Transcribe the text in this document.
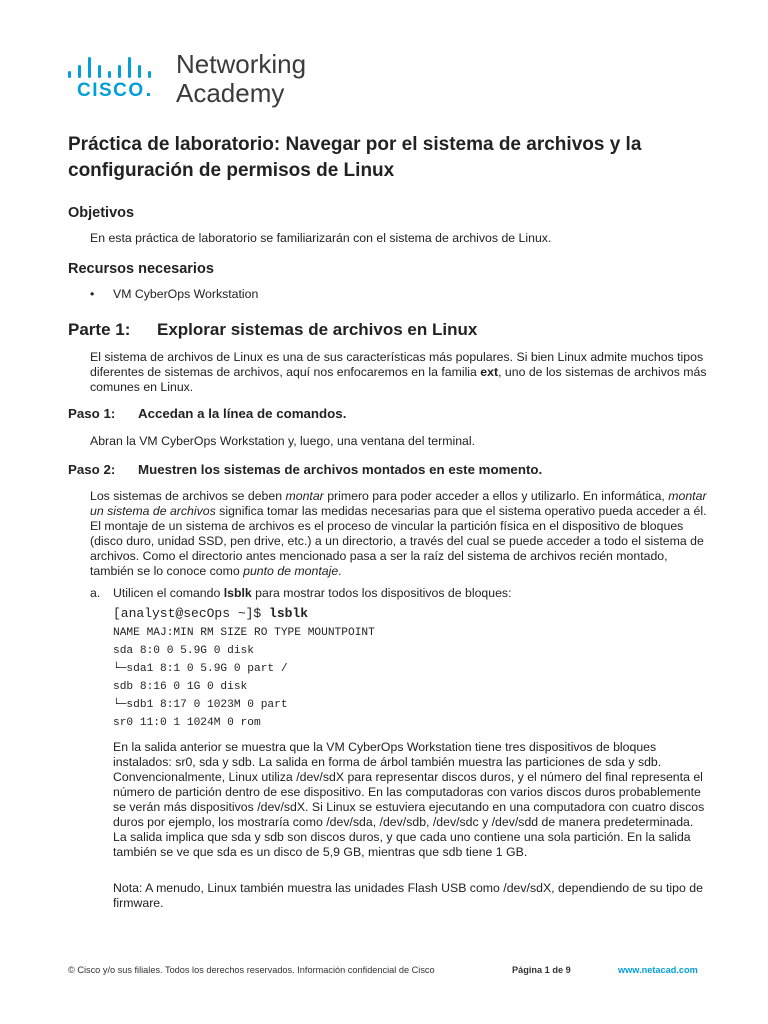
CISCO
Networking
Academy
Práctica de laboratorio: Navegar por el sistema de archivos y la configuración de permisos de Linux
Objetivos
En esta práctica de laboratorio se familiarizarán con el sistema de archivos de Linux.
Recursos necesarios
• VM CyberOps Workstation
Parte 1: Explorar sistemas de archivos en Linux
El sistema de archivos de Linux es una de sus características más populares. Si bien Linux admite muchos tipos diferentes de sistemas de archivos, aquí nos enfocaremos en la familia ext, uno de los sistemas de archivos más comunes en Linux.
Paso 1: Accedan a la línea de comandos.
Abran la VM CyberOps Workstation y, luego, una ventana del terminal.
Paso 2: Muestren los sistemas de archivos montados en este momento.
Los sistemas de archivos se deben montar primero para poder acceder a ellos y utilizarlo. En informática, montar un sistema de archivos significa tomar las medidas necesarias para que el sistema operativo pueda acceder a él. El montaje de un sistema de archivos es el proceso de vincular la partición física en el dispositivo de bloques (disco duro, unidad SSD, pen drive, etc.) a un directorio, a través del cual se puede acceder a todo el sistema de archivos. Como el directorio antes mencionado pasa a ser la raíz del sistema de archivos recién montado, también se lo conoce como punto de montaje.
a. Utilicen el comando lsblk para mostrar todos los dispositivos de bloques:
[analyst@secOps ~]$ lsblk
NAME MAJ:MIN RM SIZE RO TYPE MOUNTPOINT
sda 8:0 0 5.9G 0 disk
└─sda1 8:1 0 5.9G 0 part /
sdb 8:16 0 1G 0 disk
└─sdb1 8:17 0 1023M 0 part
sr0 11:0 1 1024M 0 rom
En la salida anterior se muestra que la VM CyberOps Workstation tiene tres dispositivos de bloques instalados: sr0, sda y sdb. La salida en forma de árbol también muestra las particiones de sda y sdb. Convencionalmente, Linux utiliza /dev/sdX para representar discos duros, y el número del final representa el número de partición dentro de ese dispositivo. En las computadoras con varios discos duros probablemente se verán más dispositivos /dev/sdX. Si Linux se estuviera ejecutando en una computadora con cuatro discos duros por ejemplo, los mostraría como /dev/sda, /dev/sdb, /dev/sdc y /dev/sdd de manera predeterminada. La salida implica que sda y sdb son discos duros, y que cada uno contiene una sola partición. En la salida también se ve que sda es un disco de 5,9 GB, mientras que sdb tiene 1 GB.
Nota: A menudo, Linux también muestra las unidades Flash USB como /dev/sdX, dependiendo de su tipo de firmware.
© Cisco y/o sus filiales. Todos los derechos reservados. Información confidencial de Cisco	Página 1 de 9	www.netacad.com
